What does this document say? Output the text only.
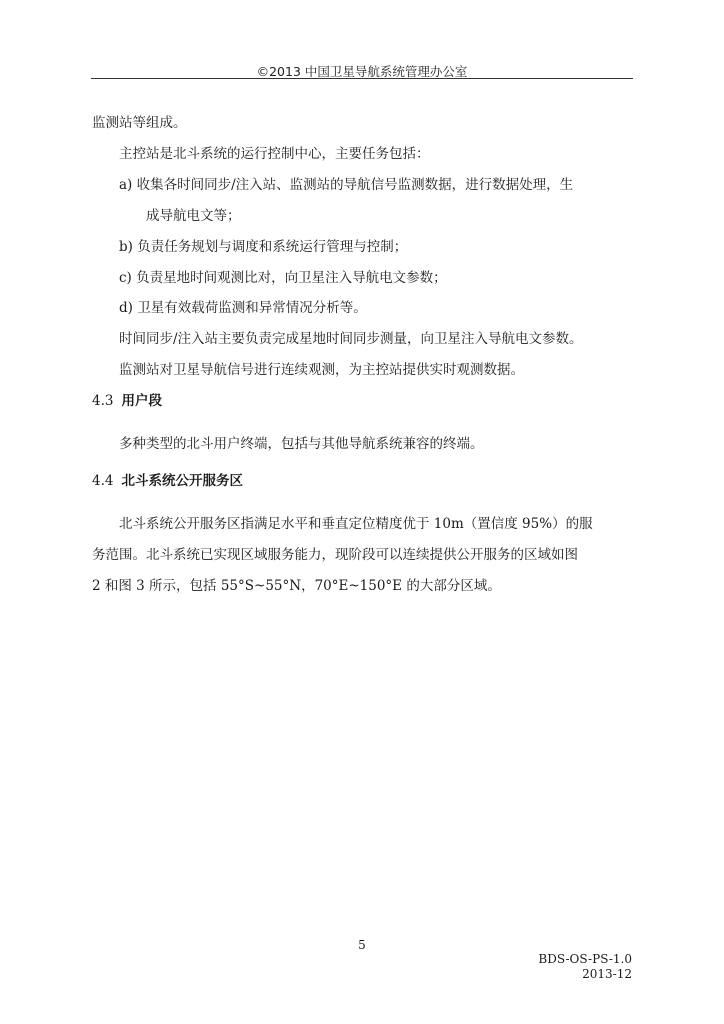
©2013 中国卫星导航系统管理办公室
监测站等组成。
主控站是北斗系统的运行控制中心，主要任务包括：
a) 收集各时间同步/注入站、监测站的导航信号监测数据，进行数据处理，生
成导航电文等；
b) 负责任务规划与调度和系统运行管理与控制；
c) 负责星地时间观测比对，向卫星注入导航电文参数；
d) 卫星有效载荷监测和异常情况分析等。
时间同步/注入站主要负责完成星地时间同步测量，向卫星注入导航电文参数。
监测站对卫星导航信号进行连续观测，为主控站提供实时观测数据。
4.3 用户段
多种类型的北斗用户终端，包括与其他导航系统兼容的终端。
4.4 北斗系统公开服务区
北斗系统公开服务区指满足水平和垂直定位精度优于 10m（置信度 95%）的服
务范围。北斗系统已实现区域服务能力，现阶段可以连续提供公开服务的区域如图
2 和图 3 所示，包括 55°S~55°N，70°E~150°E 的大部分区域。
5
BDS-OS-PS-1.0
2013-12
